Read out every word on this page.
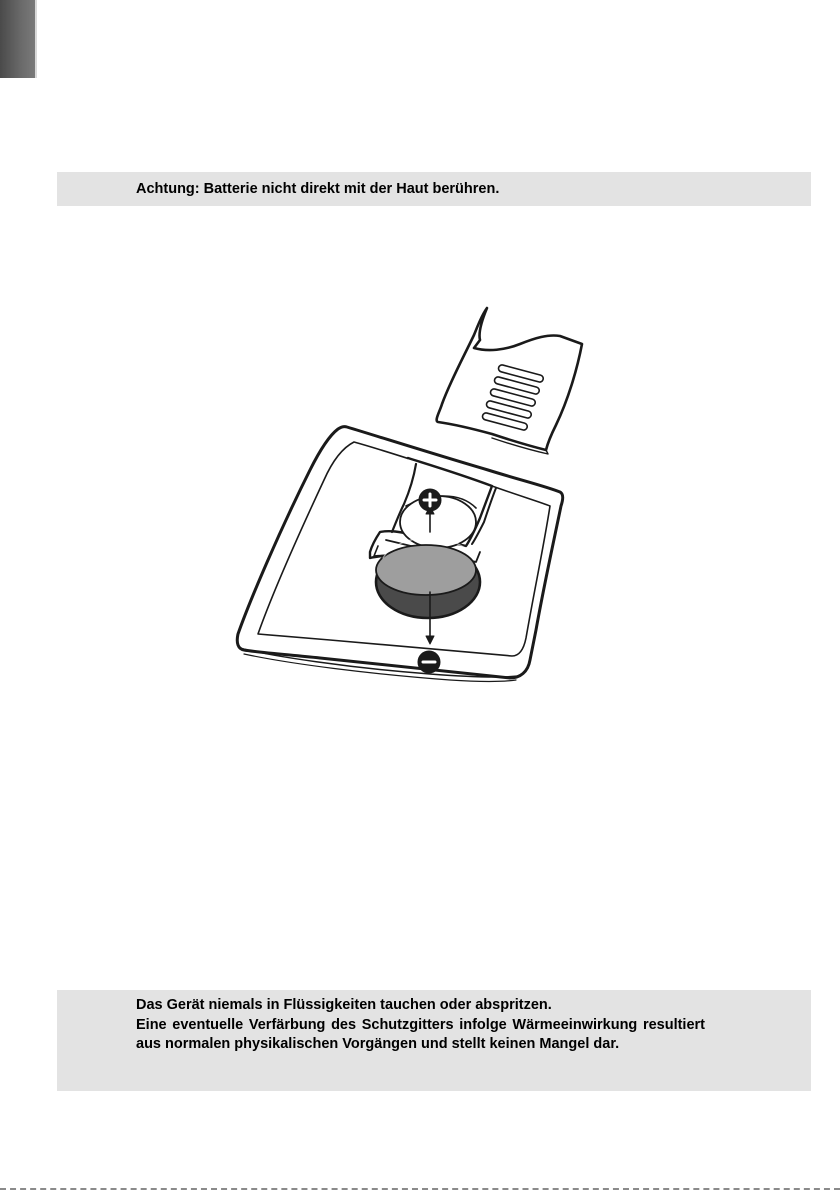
Achtung: Batterie nicht direkt mit der Haut berühren.

Das Gerät niemals in Flüssigkeiten tauchen oder abspritzen.

Eine eventuelle Verfärbung des Schutzgitters infolge Wärmeeinwirkung resultiert aus normalen physikalischen Vorgängen und stellt keinen Mangel dar.
